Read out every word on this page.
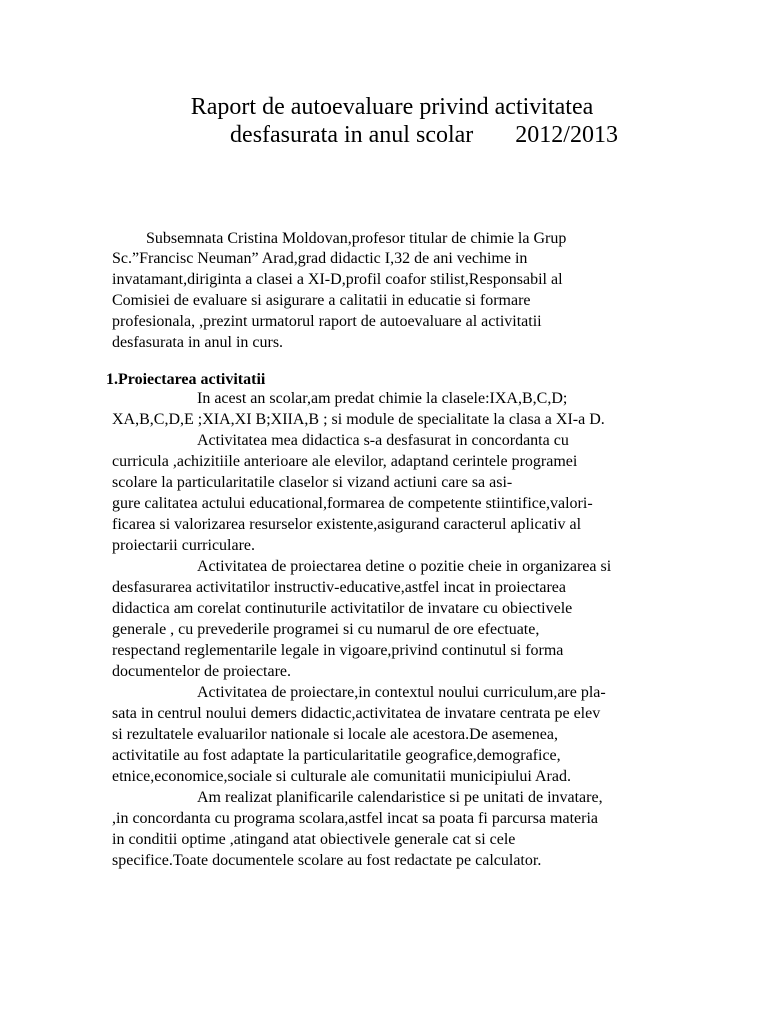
Raport de autoevaluare privind activitatea
desfasurata in anul scolar 2012/2013
Subsemnata Cristina Moldovan,profesor titular de chimie la Grup
Sc.”Francisc Neuman” Arad,grad didactic I,32 de ani vechime in
invatamant,diriginta a clasei a XI-D,profil coafor stilist,Responsabil al
Comisiei de evaluare si asigurare a calitatii in educatie si formare
profesionala, ,prezint urmatorul raport de autoevaluare al activitatii
desfasurata in anul in curs.
1.Proiectarea activitatii
In acest an scolar,am predat chimie la clasele:IXA,B,C,D;
XA,B,C,D,E ;XIA,XI B;XIIA,B ; si module de specialitate la clasa a XI-a D.
Activitatea mea didactica s-a desfasurat in concordanta cu
curricula ,achizitiile anterioare ale elevilor, adaptand cerintele programei
scolare la particularitatile claselor si vizand actiuni care sa asi-
gure calitatea actului educational,formarea de competente stiintifice,valori-
ficarea si valorizarea resurselor existente,asigurand caracterul aplicativ al
proiectarii curriculare.
Activitatea de proiectarea detine o pozitie cheie in organizarea si
desfasurarea activitatilor instructiv-educative,astfel incat in proiectarea
didactica am corelat continuturile activitatilor de invatare cu obiectivele
generale , cu prevederile programei si cu numarul de ore efectuate,
respectand reglementarile legale in vigoare,privind continutul si forma
documentelor de proiectare.
Activitatea de proiectare,in contextul noului curriculum,are pla-
sata in centrul noului demers didactic,activitatea de invatare centrata pe elev
si rezultatele evaluarilor nationale si locale ale acestora.De asemenea,
activitatile au fost adaptate la particularitatile geografice,demografice,
etnice,economice,sociale si culturale ale comunitatii municipiului Arad.
Am realizat planificarile calendaristice si pe unitati de invatare,
,in concordanta cu programa scolara,astfel incat sa poata fi parcursa materia
in conditii optime ,atingand atat obiectivele generale cat si cele
specifice.Toate documentele scolare au fost redactate pe calculator.
